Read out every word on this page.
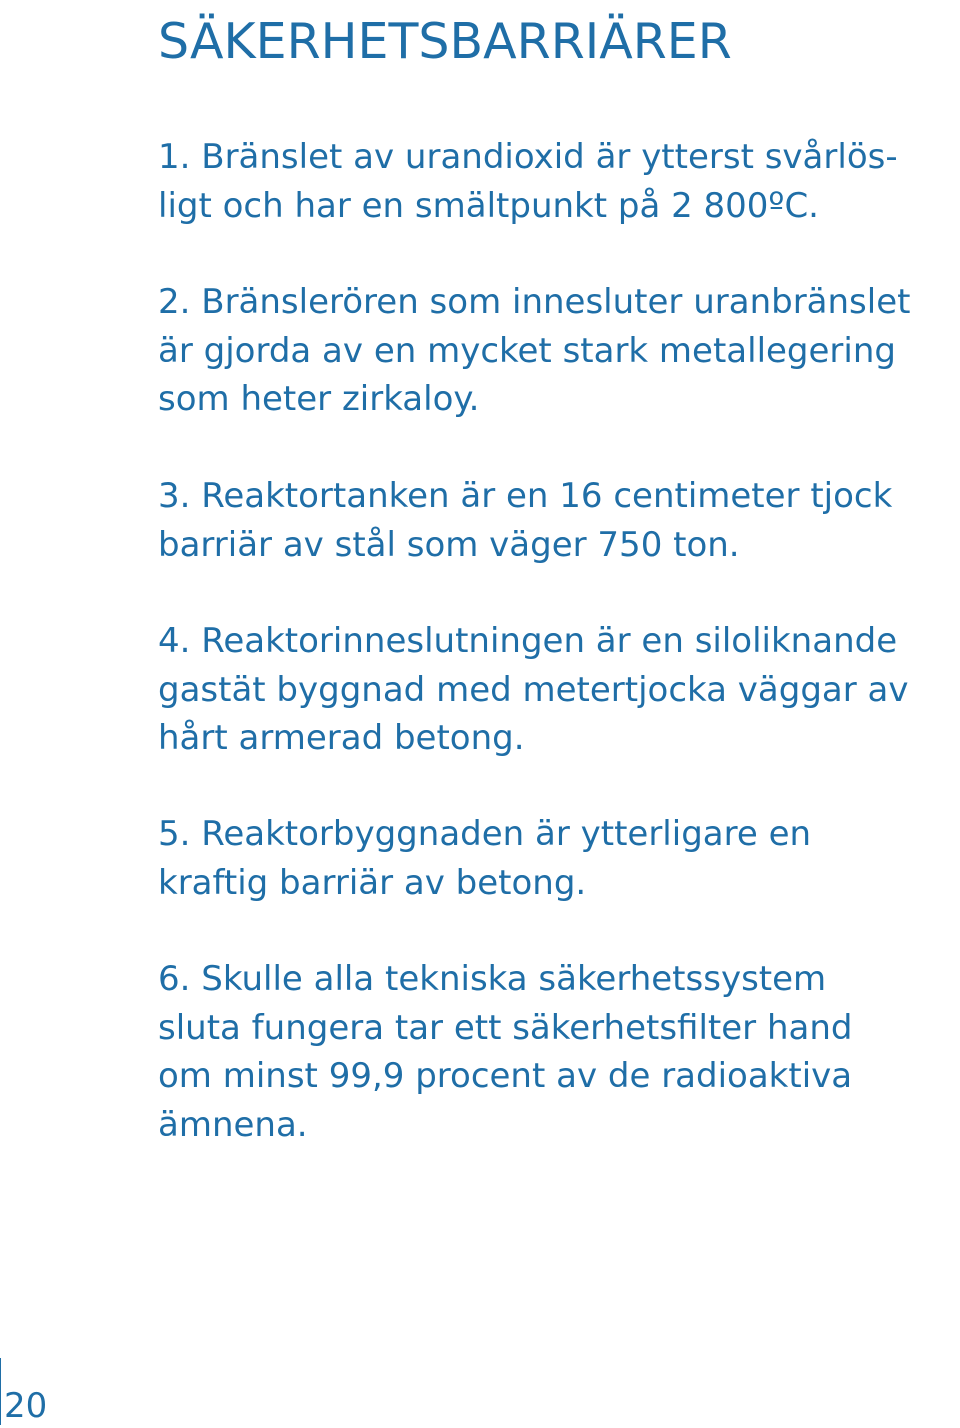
SÄKERHETSBARRIÄRER
1. Bränslet av urandioxid är ytterst svårlös-
ligt och har en smältpunkt på 2 800ºC.
2. Bränslerören som innesluter uranbränslet
är gjorda av en mycket stark metallegering
som heter zirkaloy.
3. Reaktortanken är en 16 centimeter tjock
barriär av stål som väger 750 ton.
4. Reaktorinneslutningen är en siloliknande
gastät byggnad med metertjocka väggar av
hårt armerad betong.
5. Reaktorbyggnaden är ytterligare en
kraftig barriär av betong.
6. Skulle alla tekniska säkerhetssystem
sluta fungera tar ett säkerhetsfilter hand
om minst 99,9 procent av de radioaktiva
ämnena.
20
